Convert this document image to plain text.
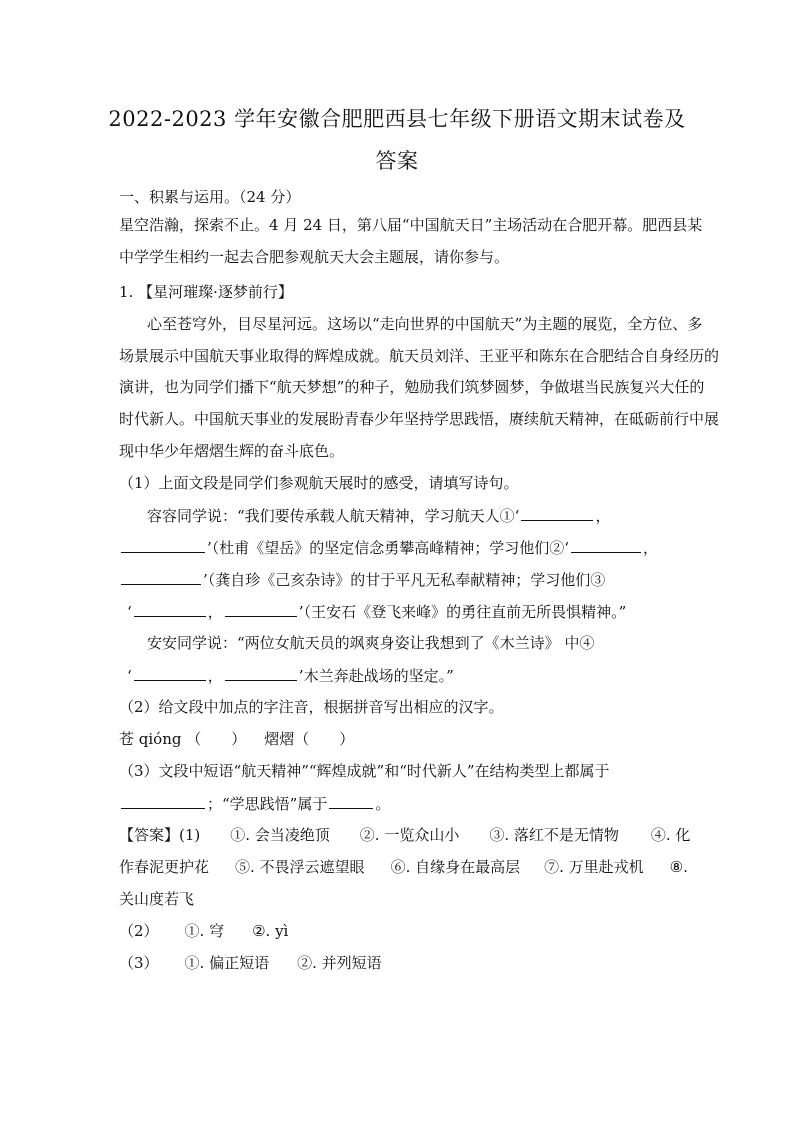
2022-2023 学年安徽合肥肥西县七年级下册语文期末试卷及
答案
一、积累与运用。（24 分）
星空浩瀚，探索不止。4 月 24 日，第八届“中国航天日”主场活动在合肥开幕。肥西县某
中学学生相约一起去合肥参观航天大会主题展，请你参与。
1. 【星河璀璨·逐梦前行】
心至苍穹外，目尽星河远。这场以“走向世界的中国航天”为主题的展览，全方位、多
场景展示中国航天事业取得的辉煌成就。航天员刘洋、王亚平和陈东在合肥结合自身经历的
演讲，也为同学们播下“航天梦想”的种子，勉励我们筑梦圆梦，争做堪当民族复兴大任的
时代新人。中国航天事业的发展盼青春少年坚持学思践悟，赓续航天精神，在砥砺前行中展
现中华少年熠熠生辉的奋斗底色。
（1）上面文段是同学们参观航天展时的感受，请填写诗句。
容容同学说：“我们要传承载人航天精神，学习航天人①‘	，
’（杜甫《望岳》的坚定信念勇攀高峰精神；学习他们②‘	，
’（龚自珍《己亥杂诗》的甘于平凡无私奉献精神；学习他们③
‘	，	’（王安石《登飞来峰》的勇往直前无所畏惧精神。”
安安同学说：“两位女航天员的飒爽身姿让我想到了《木兰诗》 中④
‘	，	’木兰奔赴战场的坚定。”
（2）给文段中加点的字注音，根据拼音写出相应的汉字。
苍 qióng （　　） 熠熠（　　）
（3）文段中短语“航天精神”“辉煌成就”和“时代新人”在结构类型上都属于
；“学思践悟”属于	。
【答案】(1) ①. 会当凌绝顶 ②. 一览众山小 ③. 落红不是无情物 ④. 化
作春泥更护花 ⑤. 不畏浮云遮望眼 ⑥. 自缘身在最高层 ⑦. 万里赴戎机 ⑧.
关山度若飞
（2） ①. 穹 ②. yì
（3） ①. 偏正短语 ②. 并列短语
